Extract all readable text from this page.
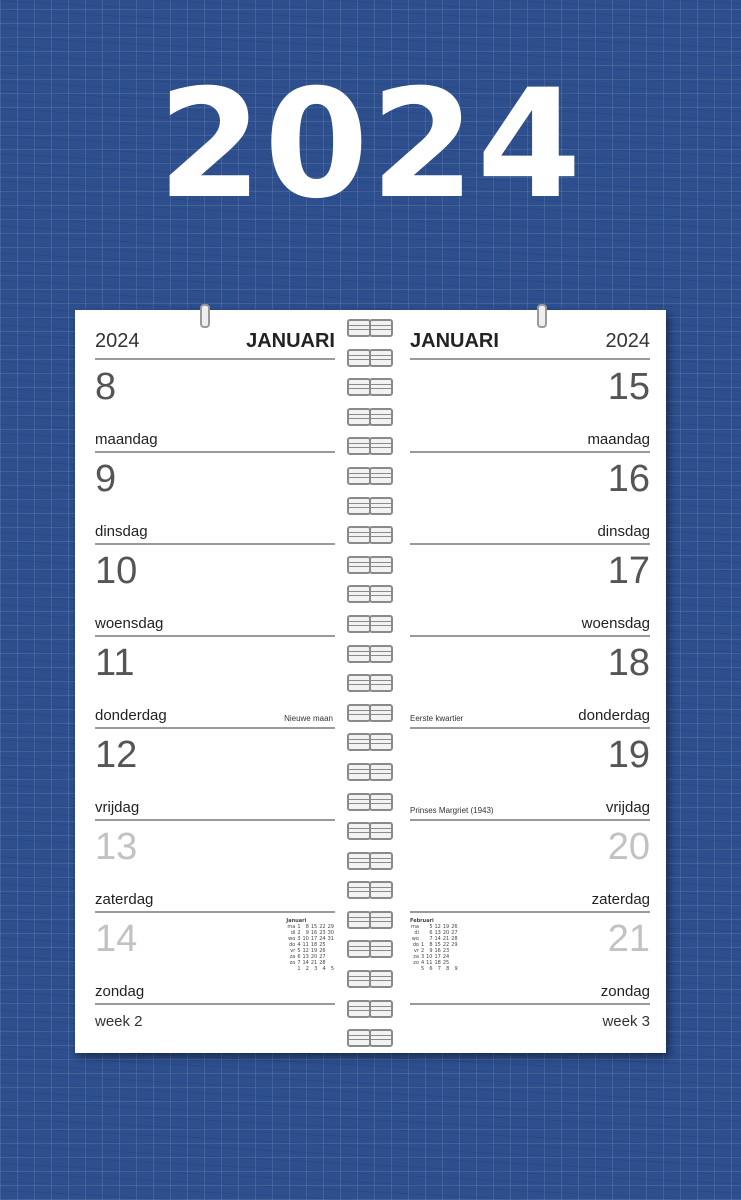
2024
2024	JANUARI
8
maandag
9
dinsdag
10
woensdag
11
donderdag	Nieuwe maan
12
vrijdag
13
zaterdag
14
zondag
Januari
ma	1	8	15	22	29
di	2	9	16	23	30
wo	3	10	17	24	31
do	4	11	18	25	
vr	5	12	19	26	
za	6	13	20	27	
zo	7	14	21	28	
	1	2	3	4	5
week 2
JANUARI	2024
15
maandag
16
dinsdag
17
woensdag
18
donderdag
Eerste kwartier
19
vrijdag
Prinses Margriet (1943)
20
zaterdag
21
zondag
Februari
ma		5	12	19	26
di		6	13	20	27
wo		7	14	21	28
do	1	8	15	22	29
vr	2	9	16	23	
za	3	10	17	24	
zo	4	11	18	25	
	5	6	7	8	9
week 3
